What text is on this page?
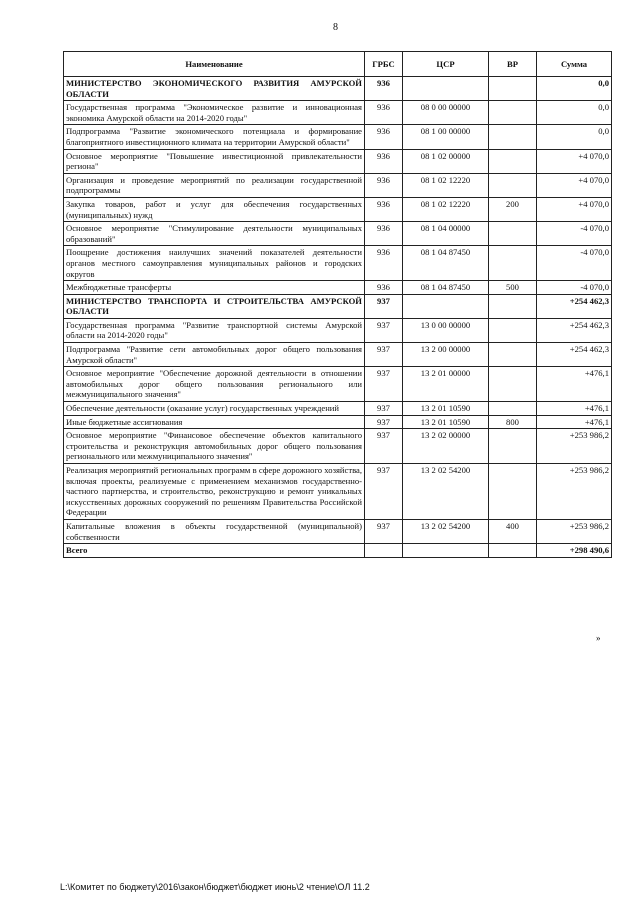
8
Наименование	ГРБС	ЦСР	ВР	Сумма
МИНИСТЕРСТВО ЭКОНОМИЧЕСКОГО РАЗВИТИЯ АМУРСКОЙ ОБЛАСТИ	936			0,0
Государственная программа "Экономическое развитие и инновационная экономика Амурской области на 2014-2020 годы"	936	08 0 00 00000		0,0
Подпрограмма "Развитие экономического потенциала и формирование благоприятного инвестиционного климата на территории Амурской области"	936	08 1 00 00000		0,0
Основное мероприятие "Повышение инвестиционной привлекательности региона"	936	08 1 02 00000		+4 070,0
Организация и проведение мероприятий по реализации государственной подпрограммы	936	08 1 02 12220		+4 070,0
Закупка товаров, работ и услуг для обеспечения государственных (муниципальных) нужд	936	08 1 02 12220	200	+4 070,0
Основное мероприятие "Стимулирование деятельности муниципальных образований"	936	08 1 04 00000		-4 070,0
Поощрение достижения наилучших значений показателей деятельности органов местного самоуправления муниципальных районов и городских округов	936	08 1 04 87450		-4 070,0
Межбюджетные трансферты	936	08 1 04 87450	500	-4 070,0
МИНИСТЕРСТВО ТРАНСПОРТА И СТРОИТЕЛЬСТВА АМУРСКОЙ ОБЛАСТИ	937			+254 462,3
Государственная программа "Развитие транспортной системы Амурской области на 2014-2020 годы"	937	13 0 00 00000		+254 462,3
Подпрограмма "Развитие сети автомобильных дорог общего пользования Амурской области"	937	13 2 00 00000		+254 462,3
Основное мероприятие "Обеспечение дорожной деятельности в отношении автомобильных дорог общего пользования регионального или межмуниципального значения"	937	13 2 01 00000		+476,1
Обеспечение деятельности (оказание услуг) государственных учреждений	937	13 2 01 10590		+476,1
Иные бюджетные ассигнования	937	13 2 01 10590	800	+476,1
Основное мероприятие "Финансовое обеспечение объектов капитального строительства и реконструкция автомобильных дорог общего пользования регионального или межмуниципального значения"	937	13 2 02 00000		+253 986,2
Реализация мероприятий региональных программ в сфере дорожного хозяйства, включая проекты, реализуемые с применением механизмов государственно-частного партнерства, и строительство, реконструкцию и ремонт уникальных искусственных дорожных сооружений по решениям Правительства Российской Федерации	937	13 2 02 54200		+253 986,2
Капитальные вложения в объекты государственной (муниципальной) собственности	937	13 2 02 54200	400	+253 986,2
Всего				+298 490,6
»
L:\Комитет по бюджету\2016\закон\бюджет\бюджет июнь\2 чтение\ОЛ 11.2
